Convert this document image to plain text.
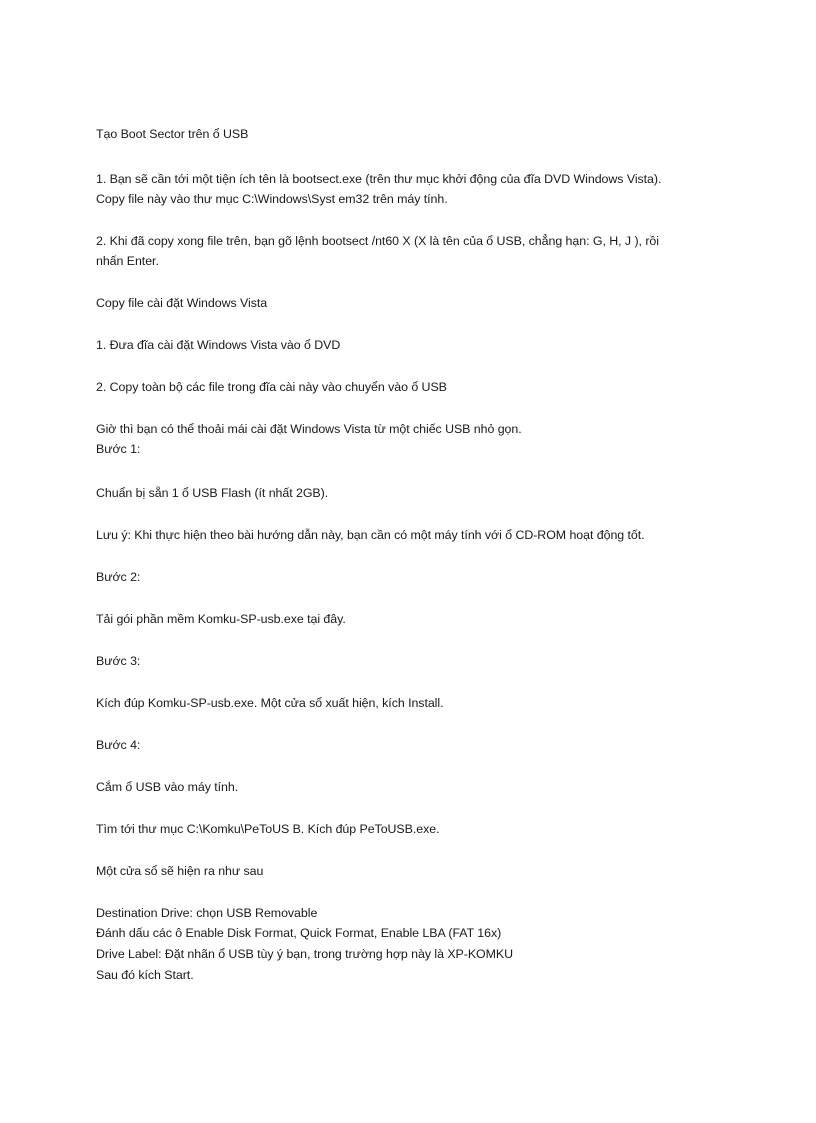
Tạo Boot Sector trên ổ USB
1. Bạn sẽ cần tới một tiện ích tên là bootsect.exe (trên thư mục khởi động của đĩa DVD Windows Vista).
Copy file này vào thư mục C:\Windows\Syst em32 trên máy tính.
2. Khi đã copy xong file trên, bạn gõ lệnh bootsect /nt60 X (X là tên của ổ USB, chẳng hạn: G, H, J ), rồi
nhấn Enter.
Copy file cài đặt Windows Vista
1. Đưa đĩa cài đặt Windows Vista vào ổ DVD
2. Copy toàn bộ các file trong đĩa cài này vào chuyển vào ổ USB
Giờ thì bạn có thể thoải mái cài đặt Windows Vista từ một chiếc USB nhỏ gọn.
Bước 1:
Chuẩn bị sẵn 1 ổ USB Flash (ít nhất 2GB).
Lưu ý: Khi thực hiện theo bài hướng dẫn này, bạn cần có một máy tính với ổ CD-ROM hoạt động tốt.
Bước 2:
Tải gói phần mềm Komku-SP-usb.exe tại đây.
Bước 3:
Kích đúp Komku-SP-usb.exe. Một cửa sổ xuất hiện, kích Install.
Bước 4:
Cắm ổ USB vào máy tính.
Tìm tới thư mục C:\Komku\PeToUS B. Kích đúp PeToUSB.exe.
Một cửa sổ sẽ hiện ra như sau
Destination Drive: chọn USB Removable
Đánh dấu các ô Enable Disk Format, Quick Format, Enable LBA (FAT 16x)
Drive Label: Đặt nhãn ổ USB tùy ý bạn, trong trường hợp này là XP-KOMKU
Sau đó kích Start.
